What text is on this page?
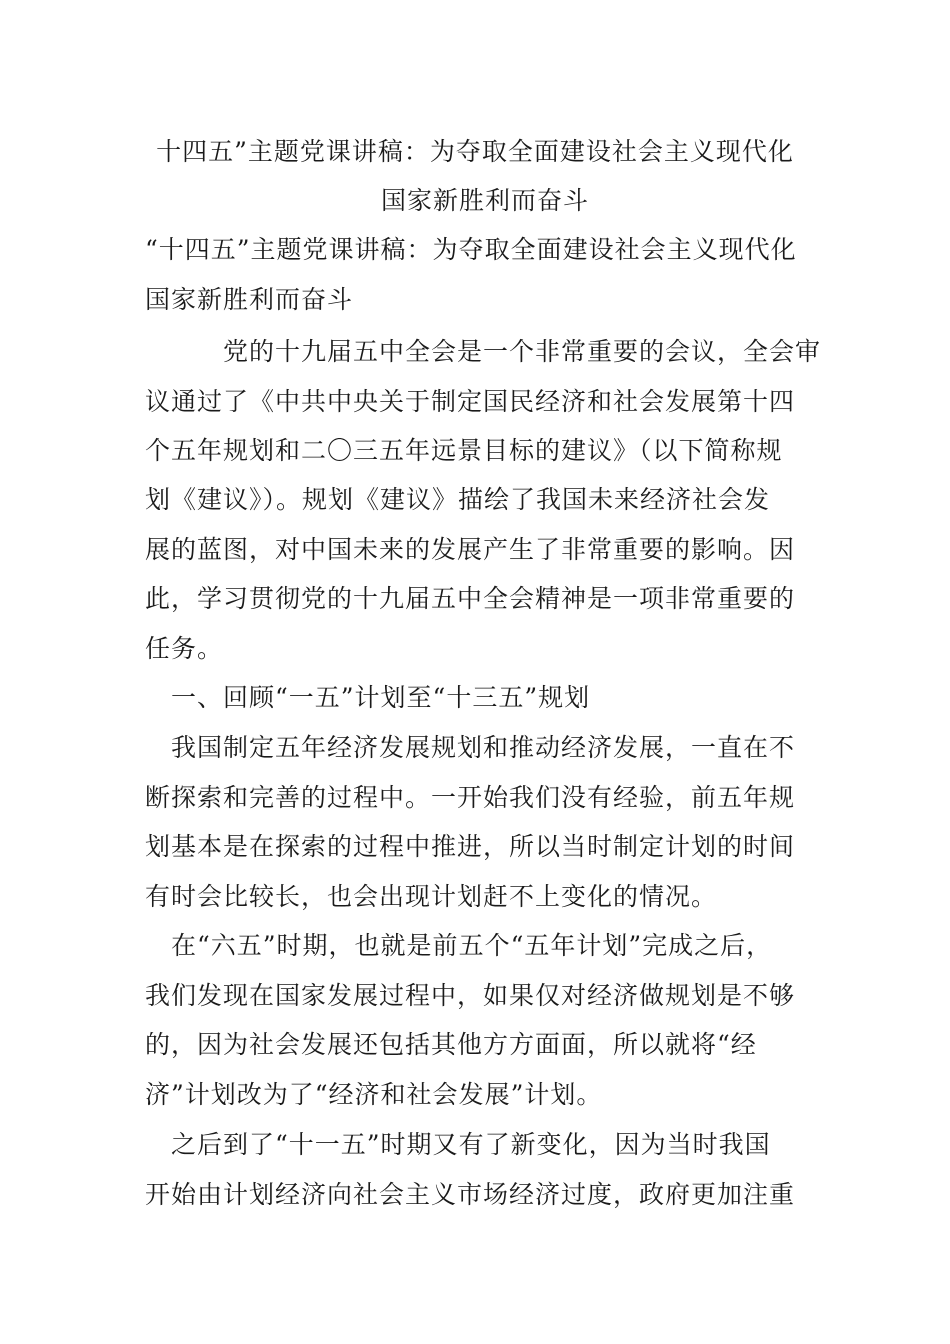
十四五”主题党课讲稿：为夺取全面建设社会主义现代化
国家新胜利而奋斗
“十四五”主题党课讲稿：为夺取全面建设社会主义现代化
国家新胜利而奋斗
　　　党的十九届五中全会是一个非常重要的会议，全会审
议通过了《中共中央关于制定国民经济和社会发展第十四
个五年规划和二〇三五年远景目标的建议》（以下简称规
划《建议》）。规划《建议》描绘了我国未来经济社会发
展的蓝图，对中国未来的发展产生了非常重要的影响。因
此，学习贯彻党的十九届五中全会精神是一项非常重要的
任务。
　一、回顾“一五”计划至“十三五”规划
　我国制定五年经济发展规划和推动经济发展，一直在不
断探索和完善的过程中。一开始我们没有经验，前五年规
划基本是在探索的过程中推进，所以当时制定计划的时间
有时会比较长，也会出现计划赶不上变化的情况。
　在“六五”时期，也就是前五个“五年计划”完成之后，
我们发现在国家发展过程中，如果仅对经济做规划是不够
的，因为社会发展还包括其他方方面面，所以就将“经
济”计划改为了“经济和社会发展”计划。
　之后到了“十一五”时期又有了新变化，因为当时我国
开始由计划经济向社会主义市场经济过度，政府更加注重
